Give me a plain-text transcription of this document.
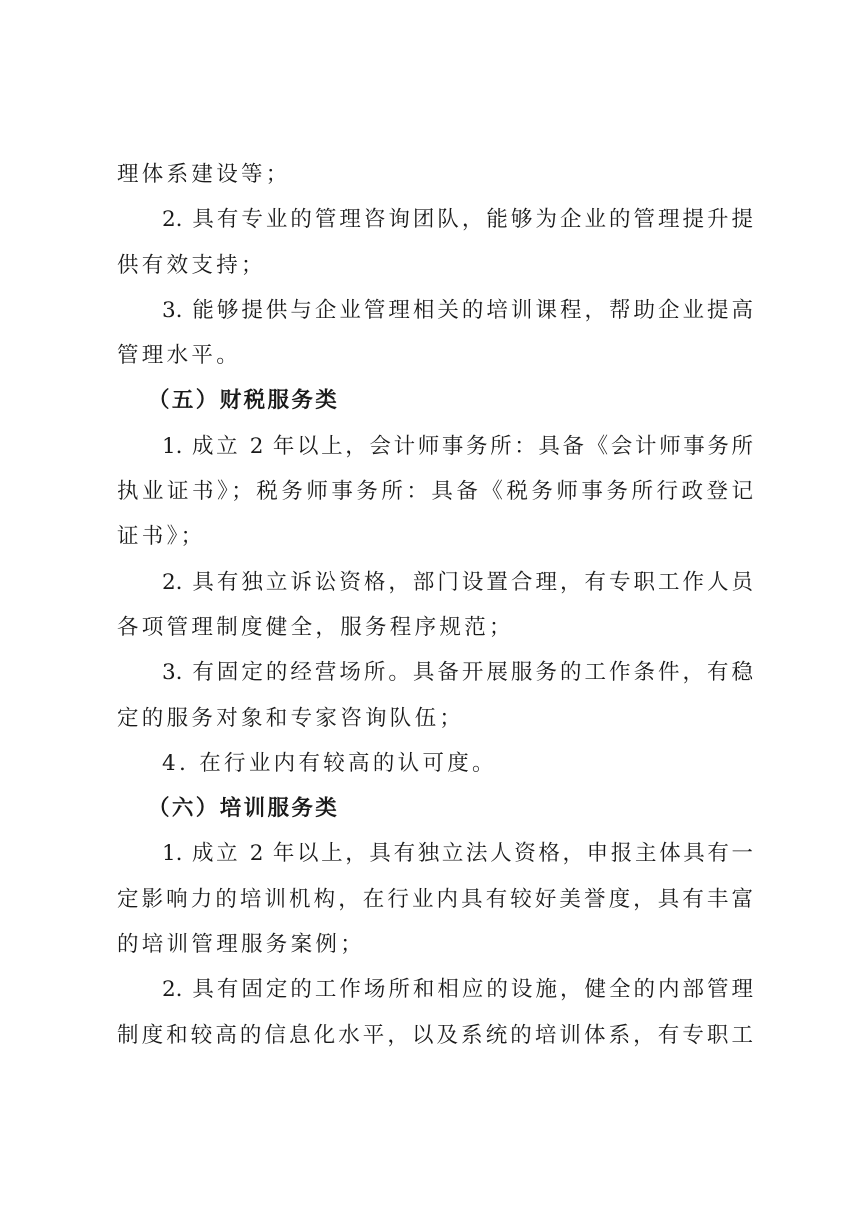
理体系建设等；
2. 具有专业的管理咨询团队，能够为企业的管理提升提
供有效支持；
3. 能够提供与企业管理相关的培训课程，帮助企业提高
管理水平。
（五）财税服务类
1. 成立 2 年以上，会计师事务所：具备《会计师事务所
执业证书》；税务师事务所：具备《税务师事务所行政登记
证书》；
2. 具有独立诉讼资格，部门设置合理，有专职工作人员
各项管理制度健全，服务程序规范；
3. 有固定的经营场所。具备开展服务的工作条件，有稳
定的服务对象和专家咨询队伍；
4. 在行业内有较高的认可度。
（六）培训服务类
1. 成立 2 年以上，具有独立法人资格，申报主体具有一
定影响力的培训机构，在行业内具有较好美誉度，具有丰富
的培训管理服务案例；
2. 具有固定的工作场所和相应的设施，健全的内部管理
制度和较高的信息化水平，以及系统的培训体系，有专职工
